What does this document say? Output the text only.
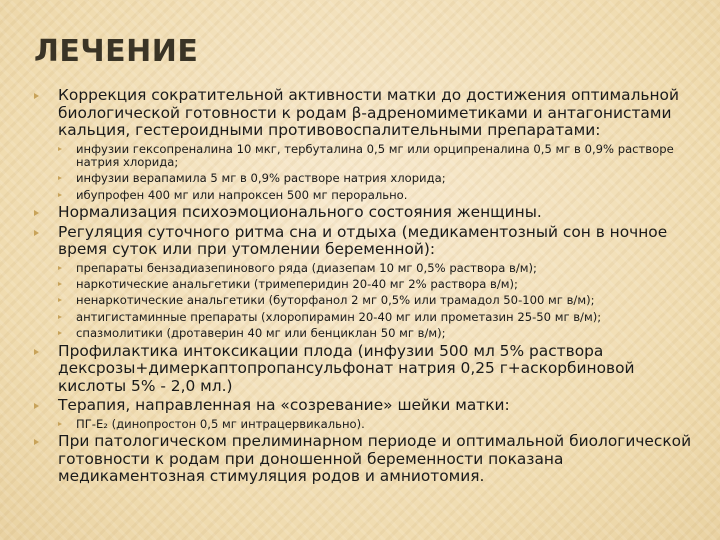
ЛЕЧЕНИЕ
Коррекция сократительной активности матки до достижения оптимальной биологической готовности к родам β-адреномиметиками и антагонистами кальция, гестероидными противовоспалительными препаратами:
инфузии гексопреналина 10 мкг, тербуталина 0,5 мг или орципреналина 0,5 мг в 0,9% растворе натрия хлорида;
инфузии верапамила 5 мг в 0,9% растворе натрия хлорида;
ибупрофен 400 мг или напроксен 500 мг перорально.
Нормализация психоэмоционального состояния женщины.
Регуляция суточного ритма сна и отдыха (медикаментозный сон в ночное время суток или при утомлении беременной):
препараты бензадиазепинового ряда (диазепам 10 мг 0,5% раствора в/м);
наркотические анальгетики (тримеперидин 20-40 мг 2% раствора в/м);
ненаркотические анальгетики (буторфанол 2 мг 0,5% или трамадол 50-100 мг в/м);
антигистаминные препараты (хлоропирамин 20-40 мг или прометазин 25-50 мг в/м);
спазмолитики (дротаверин 40 мг или бенциклан 50 мг в/м);
Профилактика интоксикации плода (инфузии 500 мл 5% раствора дексрозы+димеркаптопропансульфонат натрия 0,25 г+аскорбиновой кислоты 5% - 2,0 мл.)
Терапия, направленная на «созревание» шейки матки:
ПГ-Е₂ (динопростон 0,5 мг интрацервикально).
При патологическом прелиминарном периоде и оптимальной биологической готовности к родам при доношенной беременности показана медикаментозная стимуляция родов и амниотомия.
